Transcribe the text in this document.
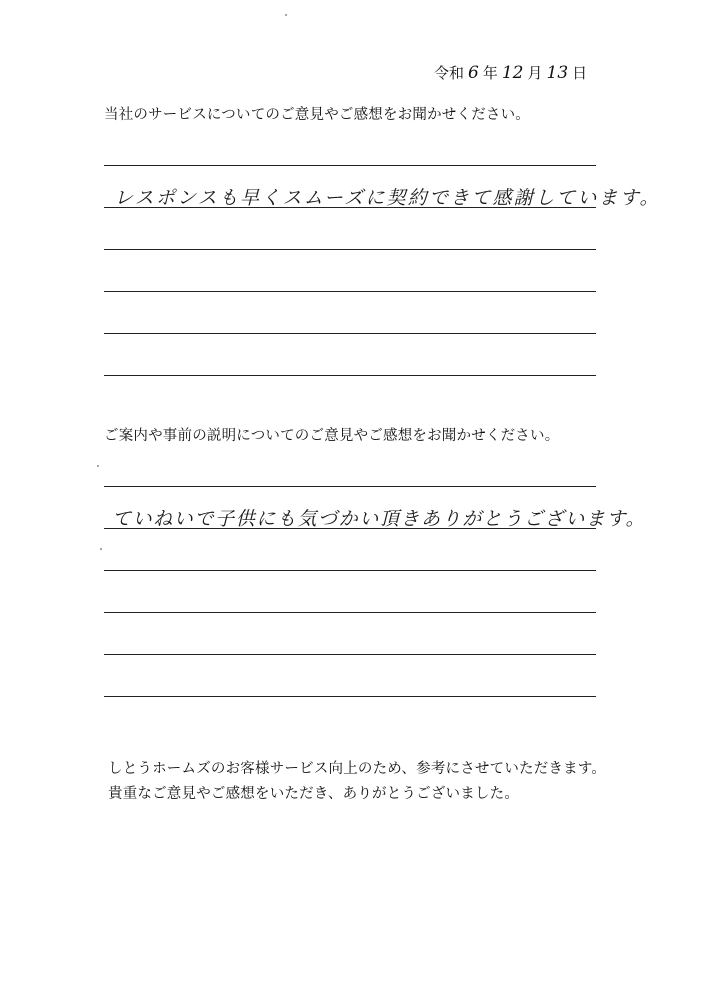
令和 6 年 12 月 13 日
当社のサービスについてのご意見やご感想をお聞かせください。
レスポンスも早くスムーズに契約できて感謝しています。
ご案内や事前の説明についてのご意見やご感想をお聞かせください。
ていねいで子供にも気づかい頂きありがとうございます。
しとうホームズのお客様サービス向上のため、参考にさせていただきます。
貴重なご意見やご感想をいただき、ありがとうございました。
